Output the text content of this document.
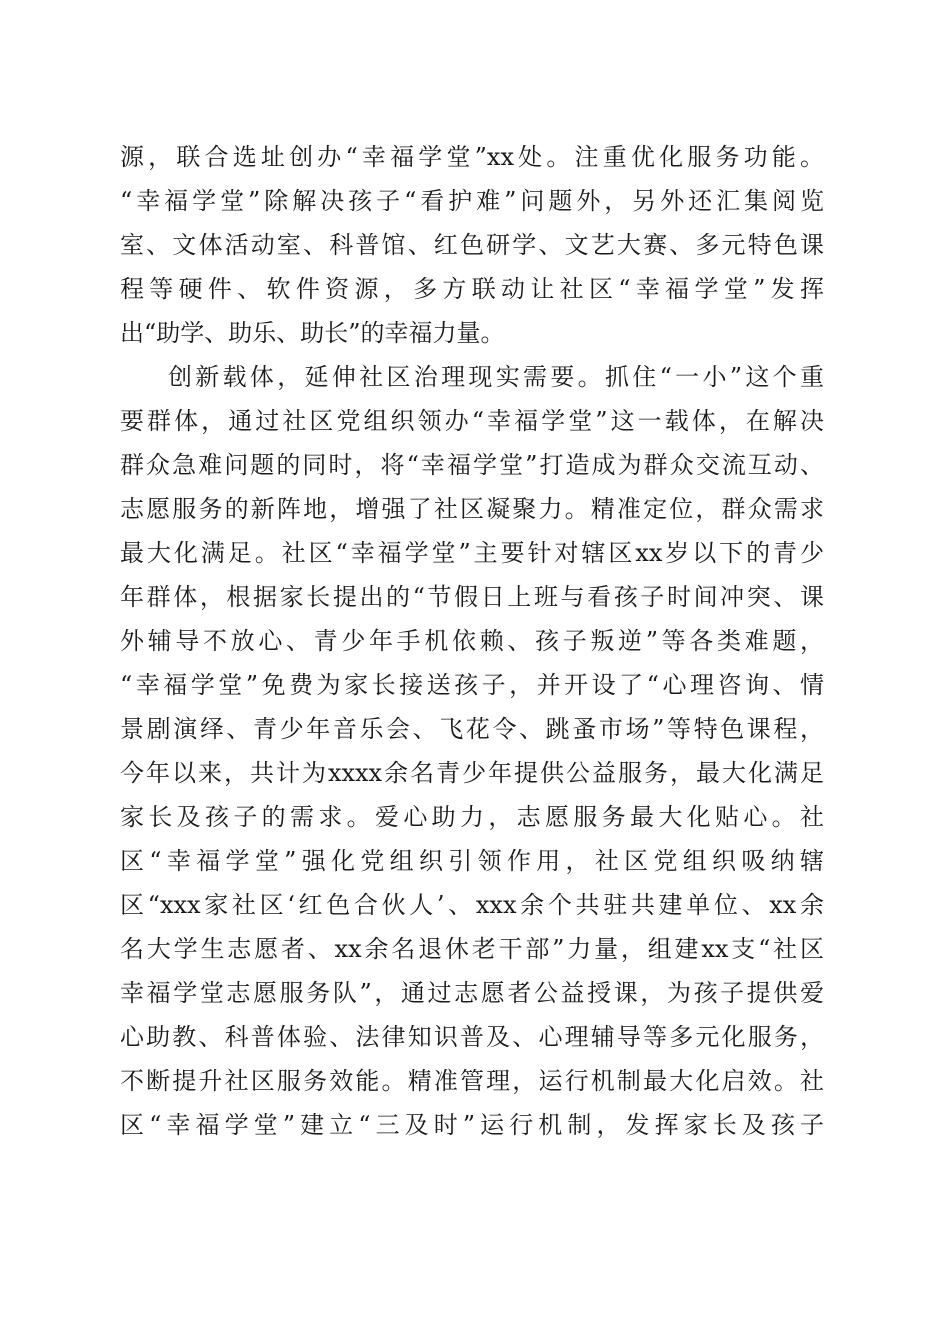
源，联合选址创办“幸福学堂”xx处。注重优化服务功能。
“幸福学堂”除解决孩子“看护难”问题外，另外还汇集阅览
室、文体活动室、科普馆、红色研学、文艺大赛、多元特色课
程等硬件、软件资源，多方联动让社区“幸福学堂”发挥
出“助学、助乐、助长”的幸福力量。
创新载体，延伸社区治理现实需要。抓住“一小”这个重
要群体，通过社区党组织领办“幸福学堂”这一载体，在解决
群众急难问题的同时，将“幸福学堂”打造成为群众交流互动、
志愿服务的新阵地，增强了社区凝聚力。精准定位，群众需求
最大化满足。社区“幸福学堂”主要针对辖区xx岁以下的青少
年群体，根据家长提出的“节假日上班与看孩子时间冲突、课
外辅导不放心、青少年手机依赖、孩子叛逆”等各类难题，
“幸福学堂”免费为家长接送孩子，并开设了“心理咨询、情
景剧演绎、青少年音乐会、飞花令、跳蚤市场”等特色课程，
今年以来，共计为xxxx余名青少年提供公益服务，最大化满足
家长及孩子的需求。爱心助力，志愿服务最大化贴心。社
区“幸福学堂”强化党组织引领作用，社区党组织吸纳辖
区“xxx家社区‘红色合伙人’、xxx余个共驻共建单位、xx余
名大学生志愿者、xx余名退休老干部”力量，组建xx支“社区
幸福学堂志愿服务队”，通过志愿者公益授课，为孩子提供爱
心助教、科普体验、法律知识普及、心理辅导等多元化服务，
不断提升社区服务效能。精准管理，运行机制最大化启效。社
区“幸福学堂”建立“三及时”运行机制，发挥家长及孩子
